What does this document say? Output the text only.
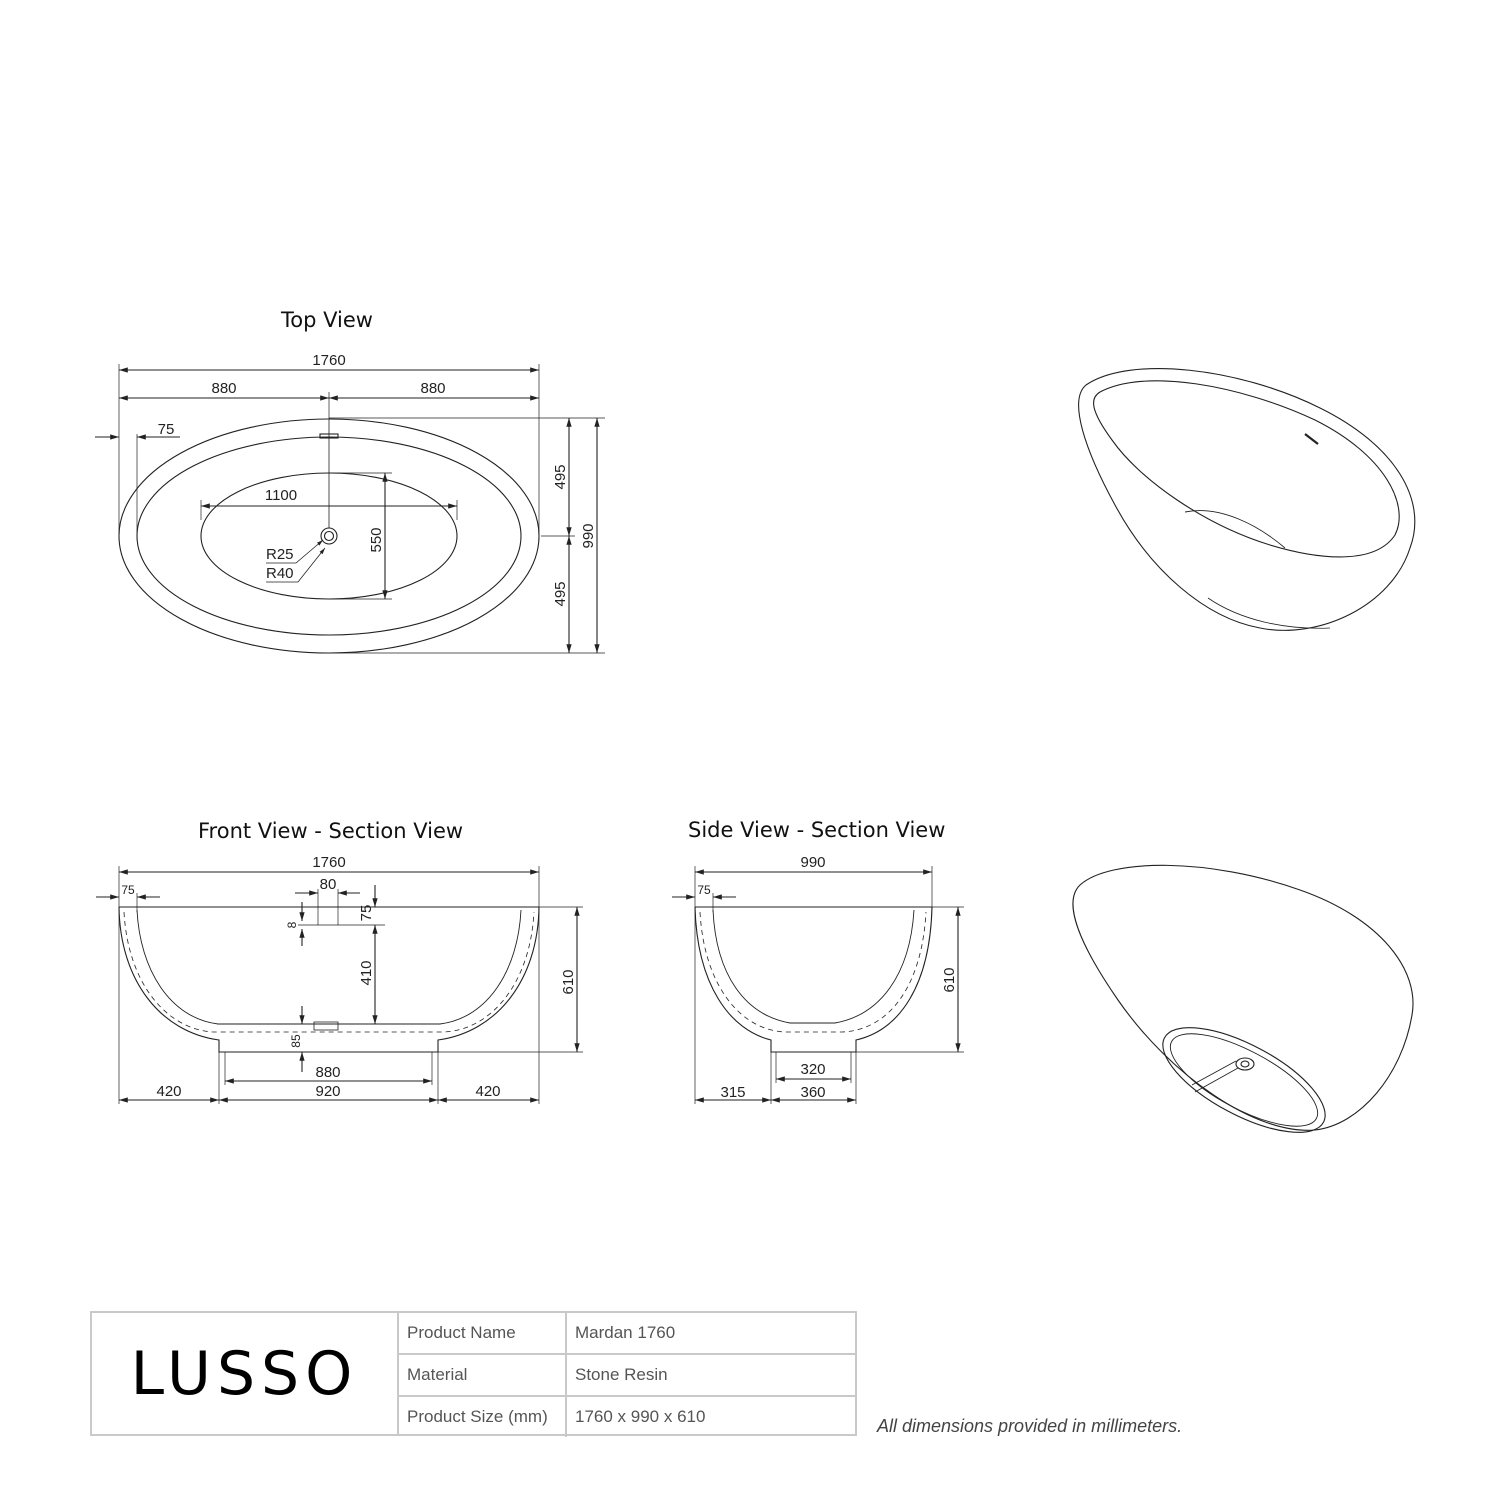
1760
880	880
75
1100
R25
R40
550
495
495
990
1760
75	80
8
75
410
85
610
880
420	920	420
990
75
610
320
315	360
Top View
Front View - Section View	Side View - Section View
LUSSO
Product Name	Mardan 1760
Material	Stone Resin
Product Size (mm)	1760 x 990 x 610	All dimensions provided in millimeters.
